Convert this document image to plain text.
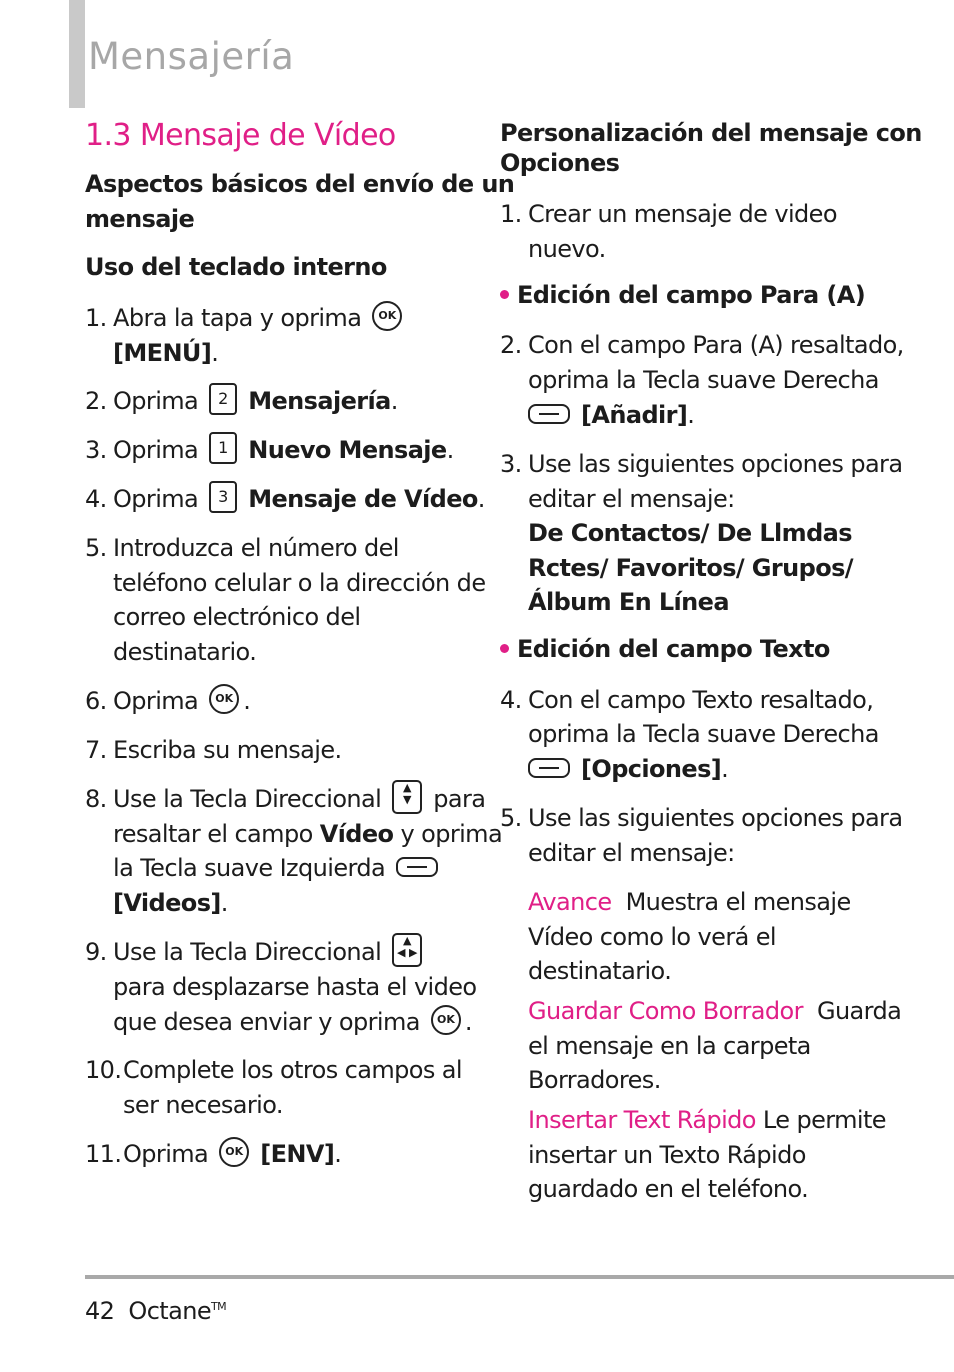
Mensajería
1.3 Mensaje de Vídeo
Aspectos básicos del envío de un
mensaje
Uso del teclado interno
1. Abra la tapa y oprima OK
[MENÚ].
2. Oprima 2 Mensajería.
3. Oprima 1 Nuevo Mensaje.
4. Oprima 3 Mensaje de Vídeo.
5. Introduzca el número del
teléfono celular o la dirección de
correo electrónico del
destinatario.
6. Oprima OK .
7. Escriba su mensaje.
8. Use la Tecla Direccional ▲
▼ para
resaltar el campo Vídeo y oprima
la Tecla suave Izquierda
[Videos].
9. Use la Tecla Direccional ▲
◀ ▶
para desplazarse hasta el video
que desea enviar y oprima OK .
10.Complete los otros campos al
ser necesario.
11.Oprima OK [ENV].
Personalización del mensaje con
Opciones
1. Crear un mensaje de video
nuevo.
Edición del campo Para (A)
2. Con el campo Para (A) resaltado,
oprima la Tecla suave Derecha
[Añadir].
3. Use las siguientes opciones para
editar el mensaje:
De Contactos/ De Llmdas
Rctes/ Favoritos/ Grupos/
Álbum En Línea
Edición del campo Texto
4. Con el campo Texto resaltado,
oprima la Tecla suave Derecha
[Opciones].
5. Use las siguientes opciones para
editar el mensaje:
Avance Muestra el mensaje
Vídeo como lo verá el
destinatario.
Guardar Como Borrador Guarda
el mensaje en la carpeta
Borradores.
Insertar Text Rápido Le permite
insertar un Texto Rápido
guardado en el teléfono.
42 Octane™
